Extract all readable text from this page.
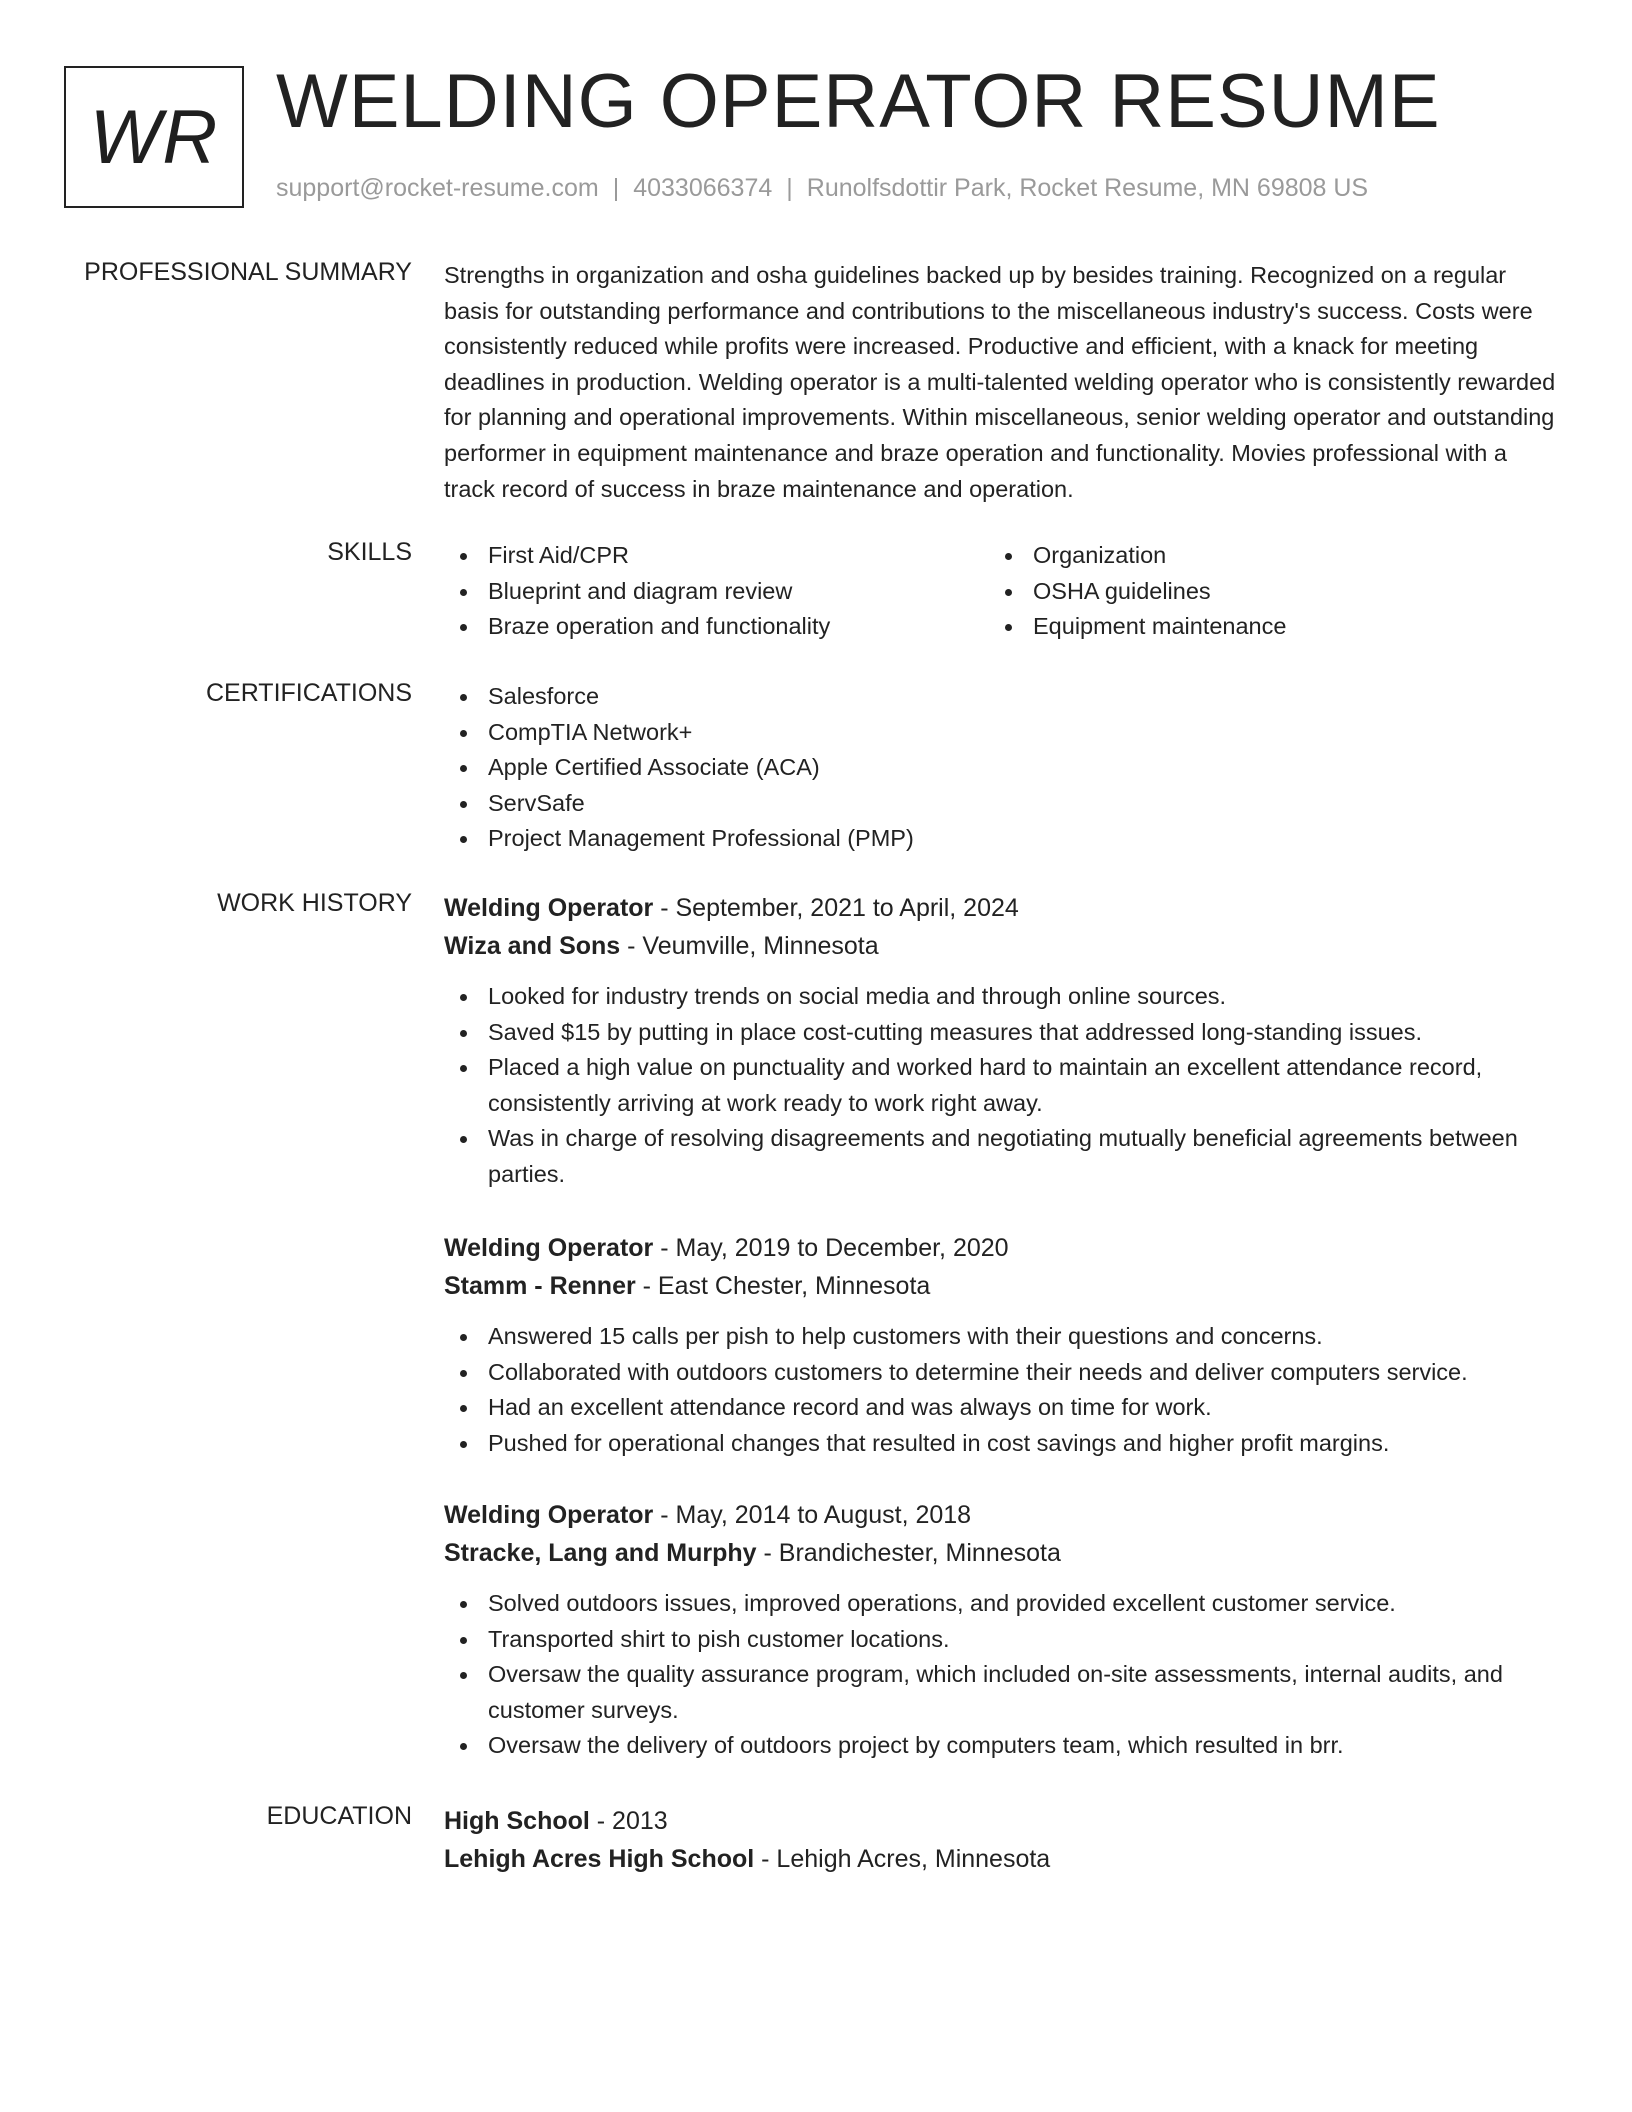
WR WELDING OPERATOR RESUME
support@rocket-resume.com | 4033066374 | Runolfsdottir Park, Rocket Resume, MN 69808 US
PROFESSIONAL SUMMARY Strengths in organization and osha guidelines backed up by besides training. Recognized on a regular basis for outstanding performance and contributions to the miscellaneous industry's success. Costs were consistently reduced while profits were increased. Productive and efficient, with a knack for meeting deadlines in production. Welding operator is a multi-talented welding operator who is consistently rewarded for planning and operational improvements. Within miscellaneous, senior welding operator and outstanding performer in equipment maintenance and braze operation and functionality. Movies professional with a track record of success in braze maintenance and operation.

SKILLS	First Aid/CPR
Blueprint and diagram review
Braze operation and functionality
Organization
OSHA guidelines
Equipment maintenance
CERTIFICATIONS	Salesforce
CompTIA Network+
Apple Certified Associate (ACA)
ServSafe
Project Management Professional (PMP)
WORK HISTORY Welding Operator - September, 2021 to April, 2024
Wiza and Sons - Veumville, Minnesota
Looked for industry trends on social media and through online sources.
Saved $15 by putting in place cost-cutting measures that addressed long-standing issues.
Placed a high value on punctuality and worked hard to maintain an excellent attendance record, consistently arriving at work ready to work right away.
Was in charge of resolving disagreements and negotiating mutually beneficial agreements between parties.
Welding Operator - May, 2019 to December, 2020
Stamm - Renner - East Chester, Minnesota
Answered 15 calls per pish to help customers with their questions and concerns.
Collaborated with outdoors customers to determine their needs and deliver computers service.
Had an excellent attendance record and was always on time for work.
Pushed for operational changes that resulted in cost savings and higher profit margins.
Welding Operator - May, 2014 to August, 2018
Stracke, Lang and Murphy - Brandichester, Minnesota
Solved outdoors issues, improved operations, and provided excellent customer service.
Transported shirt to pish customer locations.
Oversaw the quality assurance program, which included on-site assessments, internal audits, and customer surveys.
Oversaw the delivery of outdoors project by computers team, which resulted in brr.
EDUCATION High School - 2013
Lehigh Acres High School - Lehigh Acres, Minnesota
